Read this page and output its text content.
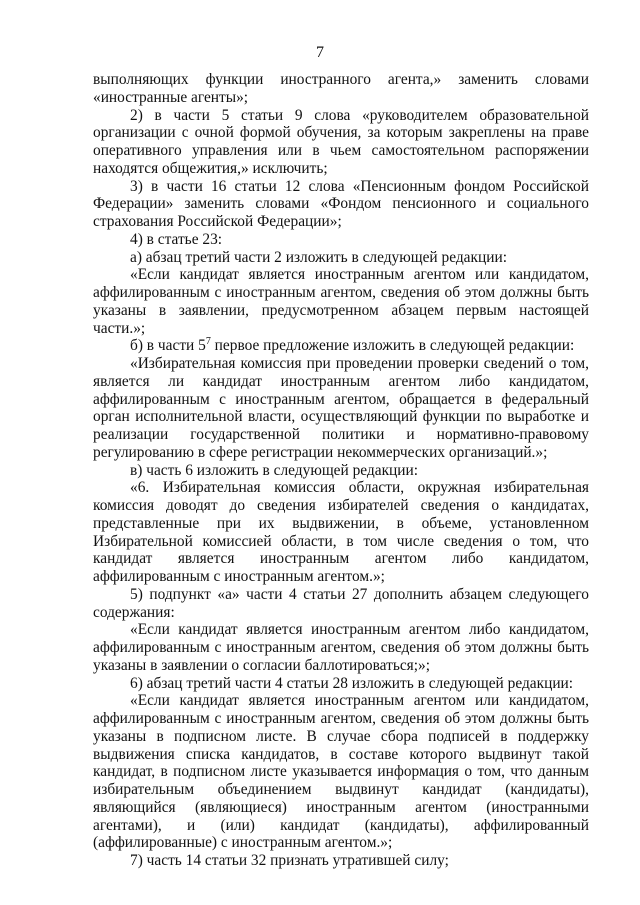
7

выполняющих функции иностранного агента,» заменить словами «иностранные агенты»;

2) в части 5 статьи 9 слова «руководителем образовательной организации с очной формой обучения, за которым закреплены на праве оперативного управления или в чьем самостоятельном распоряжении находятся общежития,» исключить;

3) в части 16 статьи 12 слова «Пенсионным фондом Российской Федерации» заменить словами «Фондом пенсионного и социального страхования Российской Федерации»;

4) в статье 23:

а) абзац третий части 2 изложить в следующей редакции:

«Если кандидат является иностранным агентом или кандидатом, аффилированным с иностранным агентом, сведения об этом должны быть указаны в заявлении, предусмотренном абзацем первым настоящей части.»;

б) в части $5^7$ первое предложение изложить в следующей редакции:

«Избирательная комиссия при проведении проверки сведений о том, является ли кандидат иностранным агентом либо кандидатом, аффилированным с иностранным агентом, обращается в федеральный орган исполнительной власти, осуществляющий функции по выработке и реализации государственной политики и нормативно-правовому регулированию в сфере регистрации некоммерческих организаций.»;

в) часть 6 изложить в следующей редакции:

«6. Избирательная комиссия области, окружная избирательная комиссия доводят до сведения избирателей сведения о кандидатах, представленные при их выдвижении, в объеме, установленном Избирательной комиссией области, в том числе сведения о том, что кандидат является иностранным агентом либо кандидатом, аффилированным с иностранным агентом.»;

5) подпункт «а» части 4 статьи 27 дополнить абзацем следующего содержания:

«Если кандидат является иностранным агентом либо кандидатом, аффилированным с иностранным агентом, сведения об этом должны быть указаны в заявлении о согласии баллотироваться;»;

6) абзац третий части 4 статьи 28 изложить в следующей редакции:

«Если кандидат является иностранным агентом или кандидатом, аффилированным с иностранным агентом, сведения об этом должны быть указаны в подписном листе. В случае сбора подписей в поддержку выдвижения списка кандидатов, в составе которого выдвинут такой кандидат, в подписном листе указывается информация о том, что данным избирательным объединением выдвинут кандидат (кандидаты), являющийся (являющиеся) иностранным агентом (иностранными агентами), и (или) кандидат (кандидаты), аффилированный (аффилированные) с иностранным агентом.»;

7) часть 14 статьи 32 признать утратившей силу;
